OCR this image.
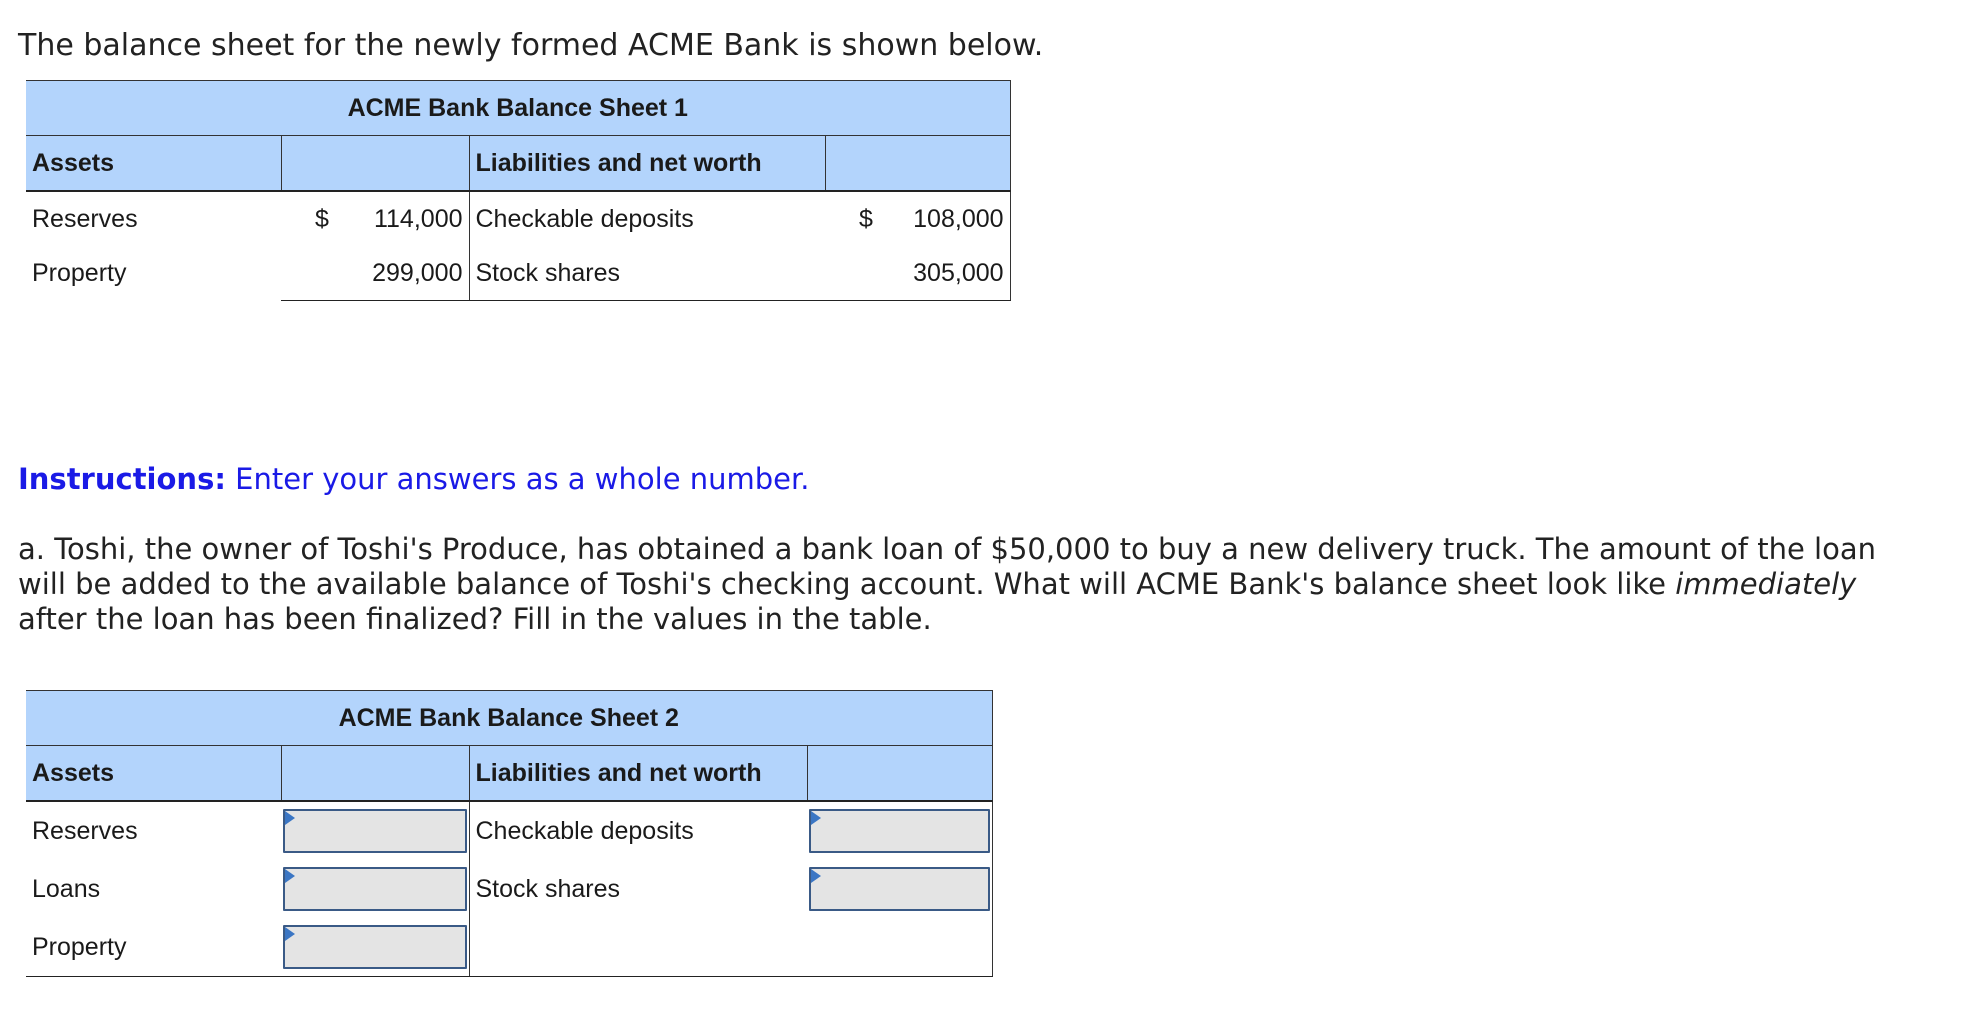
The balance sheet for the newly formed ACME Bank is shown below.

ACME Bank Balance Sheet 1			
Assets		Liabilities and net worth	
Reserves	$ 114,000	Checkable deposits	$ 108,000

Property	299,000	Stock shares	305,000

Instructions: Enter your answers as a whole number.

a. Toshi, the owner of Toshi's Produce, has obtained a bank loan of $50,000 to buy a new delivery truck. The amount of the loan will be added to the available balance of Toshi's checking account. What will ACME Bank's balance sheet look like immediately after the loan has been finalized? Fill in the values in the table.

ACME Bank Balance Sheet 2			
Assets		Liabilities and net worth	
Reserves		Checkable deposits	

Loans		Stock shares	

Property	
